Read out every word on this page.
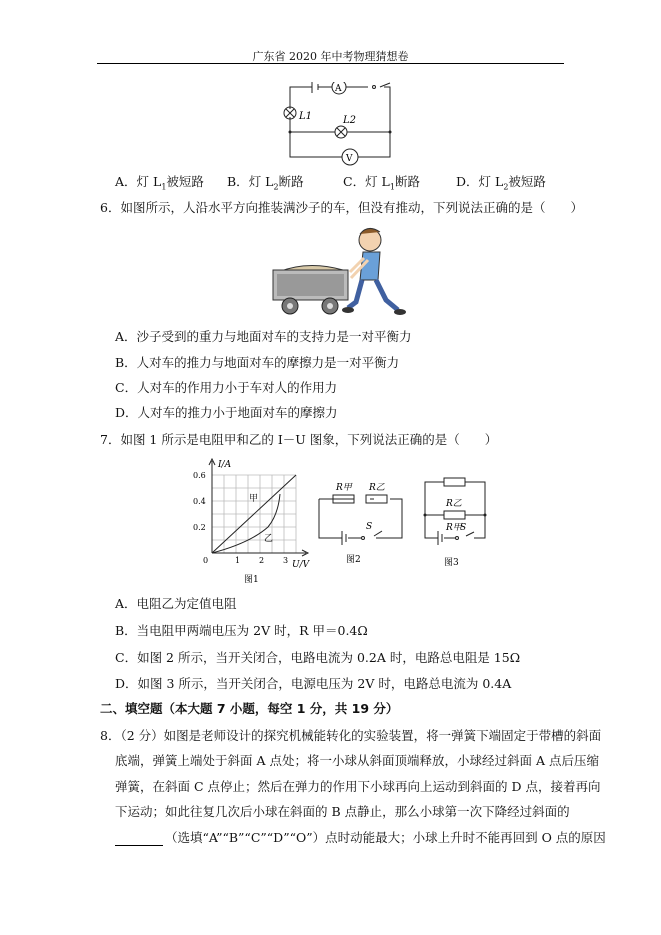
广东省 2020 年中考物理猜想卷
A
V
L1	L2
A．灯 $L_1$被短路 B．灯 $L_2$断路	C．灯 $L_1$断路	D．灯 $L_2$被短路
6．如图所示，人沿水平方向推装满沙子的车，但没有推动，下列说法正确的是（　　）
A．沙子受到的重力与地面对车的支持力是一对平衡力
B．人对车的推力与地面对车的摩擦力是一对平衡力
C．人对车的作用力小于车对人的作用力
D．人对车的推力小于地面对车的摩擦力
7．如图 1 所示是电阻甲和乙的 I－U 图象，下列说法正确的是（　　）
I/A
U/V
0.6
0.4
0.2
0	1 2 3
甲
乙
图1
R甲 R乙
S
图2
R乙
R甲
S
图3
A．电阻乙为定值电阻
B．当电阻甲两端电压为 2V 时，R 甲＝0.4Ω
C．如图 2 所示，当开关闭合，电路电流为 0.2A 时，电路总电阻是 15Ω
D．如图 3 所示，当开关闭合，电源电压为 2V 时，电路总电流为 0.4A
二、填空题（本大题 7 小题，每空 1 分，共 19 分）
8．（2 分）如图是老师设计的探究机械能转化的实验装置，将一弹簧下端固定于带槽的斜面
底端，弹簧上端处于斜面 A 点处；将一小球从斜面顶端释放，小球经过斜面 A 点后压缩
弹簧，在斜面 C 点停止；然后在弹力的作用下小球再向上运动到斜面的 D 点，接着再向
下运动；如此往复几次后小球在斜面的 B 点静止，那么小球第一次下降经过斜面的
（选填“A”“B”“C”“D”“O”）点时动能最大；小球上升时不能再回到 O 点的原因
